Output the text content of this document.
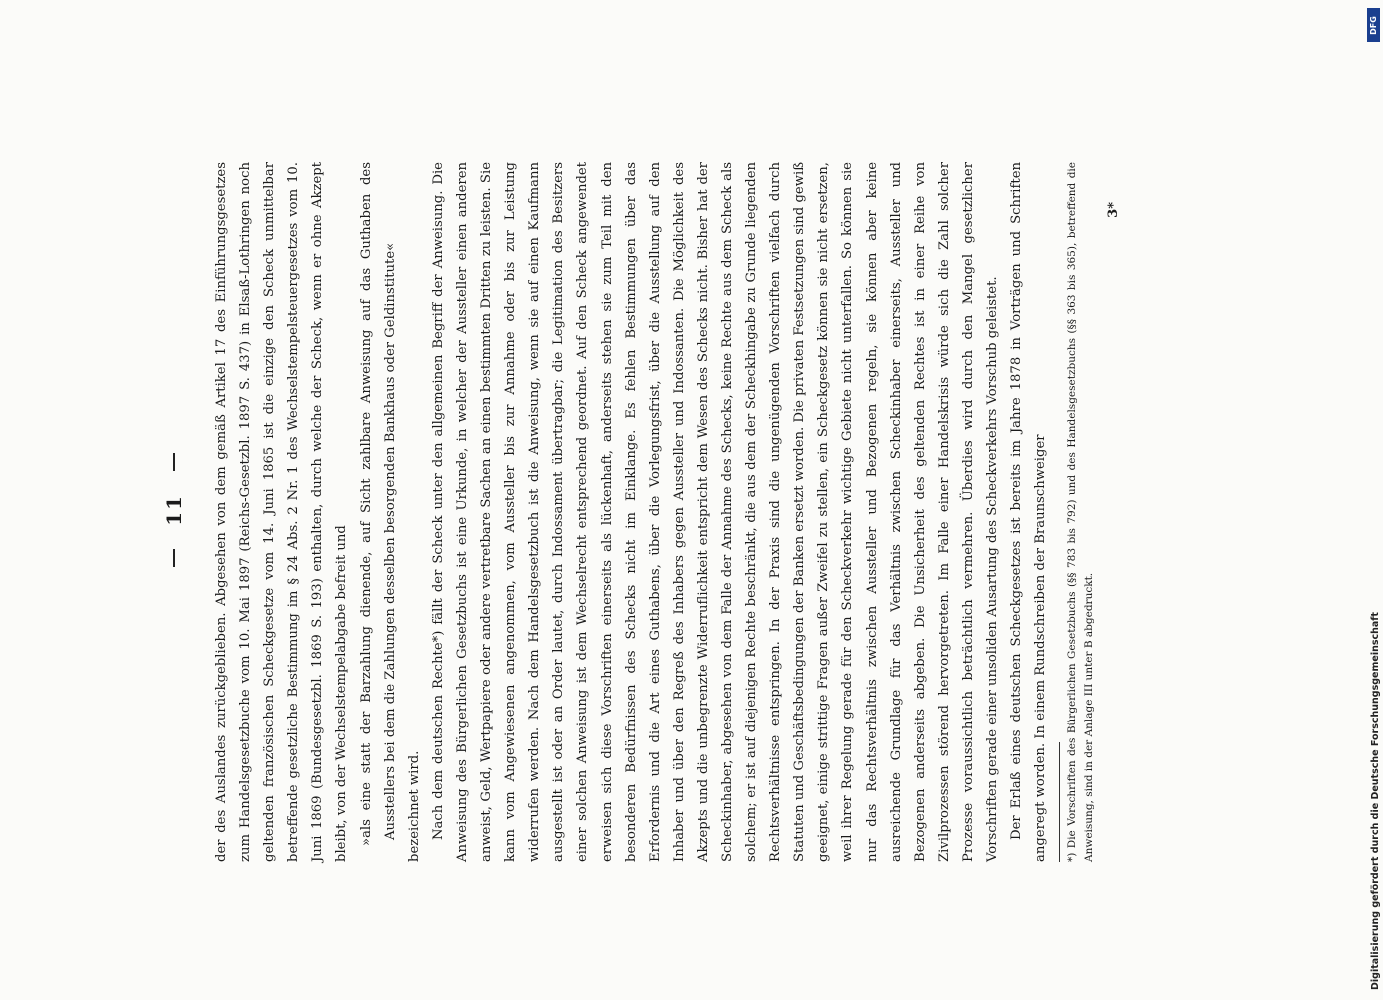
11	der des Auslandes zurückgeblieben. Abgesehen von dem gemäß Artikel 17 des Einführungsgesetzes zum Handelsgesetzbuche vom 10. Mai 1897 (Reichs-Gesetzbl. 1897 S. 437) in Elsaß-Lothringen noch geltenden französischen Scheckgesetze vom 14. Juni 1865 ist die einzige den Scheck unmittelbar betreffende gesetzliche Bestimmung im § 24 Abs. 2 Nr. 1 des Wechselstempelsteuergesetzes vom 10. Juni 1869 (Bundesgesetzbl. 1869 S. 193) enthalten, durch welche der Scheck, wenn er ohne Akzept bleibt, von der Wechselstempelabgabe befreit und »als eine statt der Barzahlung dienende, auf Sicht zahlbare Anweisung auf das Guthaben des Ausstellers bei dem die Zahlungen desselben besorgenden Bankhaus oder Geldinstitute« bezeichnet wird. Nach dem deutschen Rechte*) fällt der Scheck unter den allgemeinen Begriff der Anweisung. Die Anweisung des Bürgerlichen Gesetzbuchs ist eine Urkunde, in welcher der Aussteller einen anderen anweist, Geld, Wertpapiere oder andere vertretbare Sachen an einen bestimmten Dritten zu leisten. Sie kann vom Angewiesenen angenommen, vom Aussteller bis zur Annahme oder bis zur Leistung widerrufen werden. Nach dem Handelsgesetzbuch ist die Anweisung, wenn sie auf einen Kaufmann ausgestellt ist oder an Order lautet, durch Indossament übertragbar; die Legitimation des Besitzers einer solchen Anweisung ist dem Wechselrecht entsprechend geordnet. Auf den Scheck angewendet erweisen sich diese Vorschriften einerseits als lückenhaft, anderseits stehen sie zum Teil mit den besonderen Bedürfnissen des Schecks nicht im Einklange. Es fehlen Bestimmungen über das Erfordernis und die Art eines Guthabens, über die Vorlegungsfrist, über die Ausstellung auf den Inhaber und über den Regreß des Inhabers gegen Aussteller und Indossanten. Die Möglichkeit des Akzepts und die unbegrenzte Widerruflichkeit entspricht dem Wesen des Schecks nicht. Bisher hat der Scheckinhaber, abgesehen von dem Falle der Annahme des Schecks, keine Rechte aus dem Scheck als solchem; er ist auf diejenigen Rechte beschränkt, die aus dem der Scheckhingabe zu Grunde liegenden Rechtsverhältnisse entspringen. In der Praxis sind die ungenügenden Vorschriften vielfach durch Statuten und Geschäftsbedingungen der Banken ersetzt worden. Die privaten Festsetzungen sind gewiß geeignet, einige strittige Fragen außer Zweifel zu stellen, ein Scheckgesetz können sie nicht ersetzen, weil ihrer Regelung gerade für den Scheckverkehr wichtige Gebiete nicht unterfallen. So können sie nur das Rechtsverhältnis zwischen Aussteller und Bezogenen regeln, sie können aber keine ausreichende Grundlage für das Verhältnis zwischen Scheckinhaber einerseits, Aussteller und Bezogenen anderseits abgeben. Die Unsicherheit des geltenden Rechtes ist in einer Reihe von Zivilprozessen störend hervorgetreten. Im Falle einer Handelskrisis würde sich die Zahl solcher Prozesse voraussichtlich beträchtlich vermehren. Überdies wird durch den Mangel gesetzlicher Vorschriften gerade einer unsoliden Ausartung des Scheckverkehrs Vorschub geleistet. Der Erlaß eines deutschen Scheckgesetzes ist bereits im Jahre 1878 in Vorträgen und Schriften angeregt worden. In einem Rundschreiben der Braunschweiger	*) Die Vorschriften des Bürgerlichen Gesetzbuchs (§§ 783 bis 792) und des Handelsgesetzbuchs (§§ 363 bis 365), betreffend die Anweisung, sind in der Anlage III unter B abgedruckt.
3*
DFG
Digitalisierung gefördert durch die Deutsche Forschungsgemeinschaft
